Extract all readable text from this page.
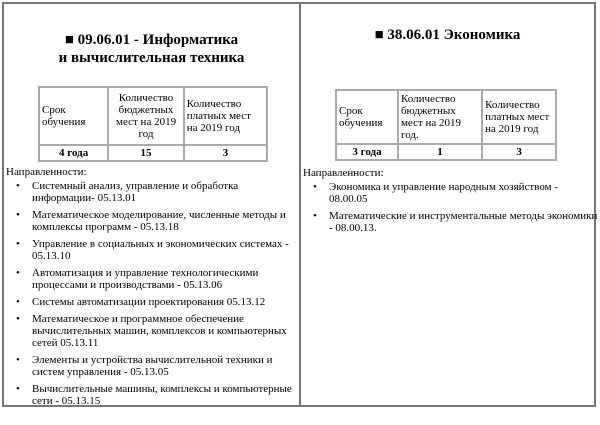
■ 09.06.01 - Информатика
и вычислительная техника
Срок обучения	Количество бюджетных мест на 2019 год	Количество платных мест на 2019 год
4 года	15	3
Направленности:
• Системный анализ, управление и обработка информации- 05.13.01
• Математическое моделирование, численные методы и комплексы программ - 05.13.18
• Управление в социальных и экономических системах - 05.13.10
• Автоматизация и управление технологическими процессами и производствами - 05.13.06
• Системы автоматизации проектирования 05.13.12
• Математическое и программное обеспечение вычислительных машин, комплексов и компьютерных сетей 05.13.11
• Элементы и устройства вычислительной техники и систем управления - 05.13.05
• Вычислительные машины, комплексы и компьютерные сети - 05.13.15
■ 38.06.01 Экономика
Срок обучения	Количество бюджетных мест на 2019 год.	Количество платных мест на 2019 год
3 года	1	3
Направленности:
• Экономика и управление народным хозяйством - 08.00.05
• Математические и инструментальные методы экономики - 08.00.13.
